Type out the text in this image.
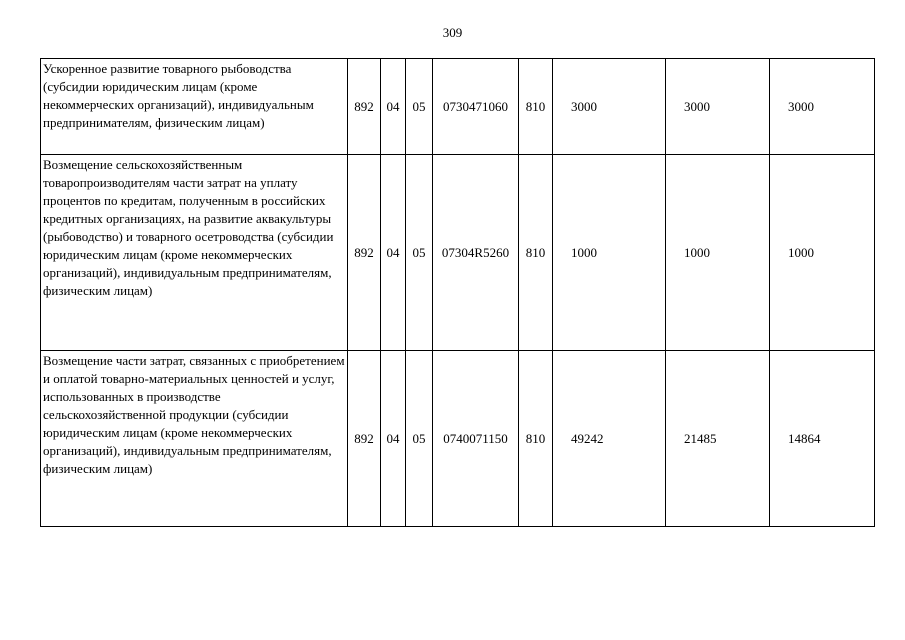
309
Ускоренное развитие товарного рыбоводства (субсидии юридическим лицам (кроме некоммерческих организаций), индивидуальным предпринимателям, физическим лицам)	892	04	05	0730471060	810	3000	3000	3000
Возмещение сельскохозяйственным товаропроизводителям части затрат на уплату процентов по кредитам, полученным в российских кредитных организациях, на развитие аквакультуры (рыбоводство) и товарного осетроводства (субсидии юридическим лицам (кроме некоммерческих организаций), индивидуальным предпринимателям, физическим лицам)	892	04	05	07304R5260	810	1000	1000	1000
Возмещение части затрат, связанных с приобретением и оплатой товарно-материальных ценностей и услуг, использованных в производстве сельскохозяйственной продукции (субсидии юридическим лицам (кроме некоммерческих организаций), индивидуальным предпринимателям, физическим лицам)	892	04	05	0740071150	810	49242	21485	14864
